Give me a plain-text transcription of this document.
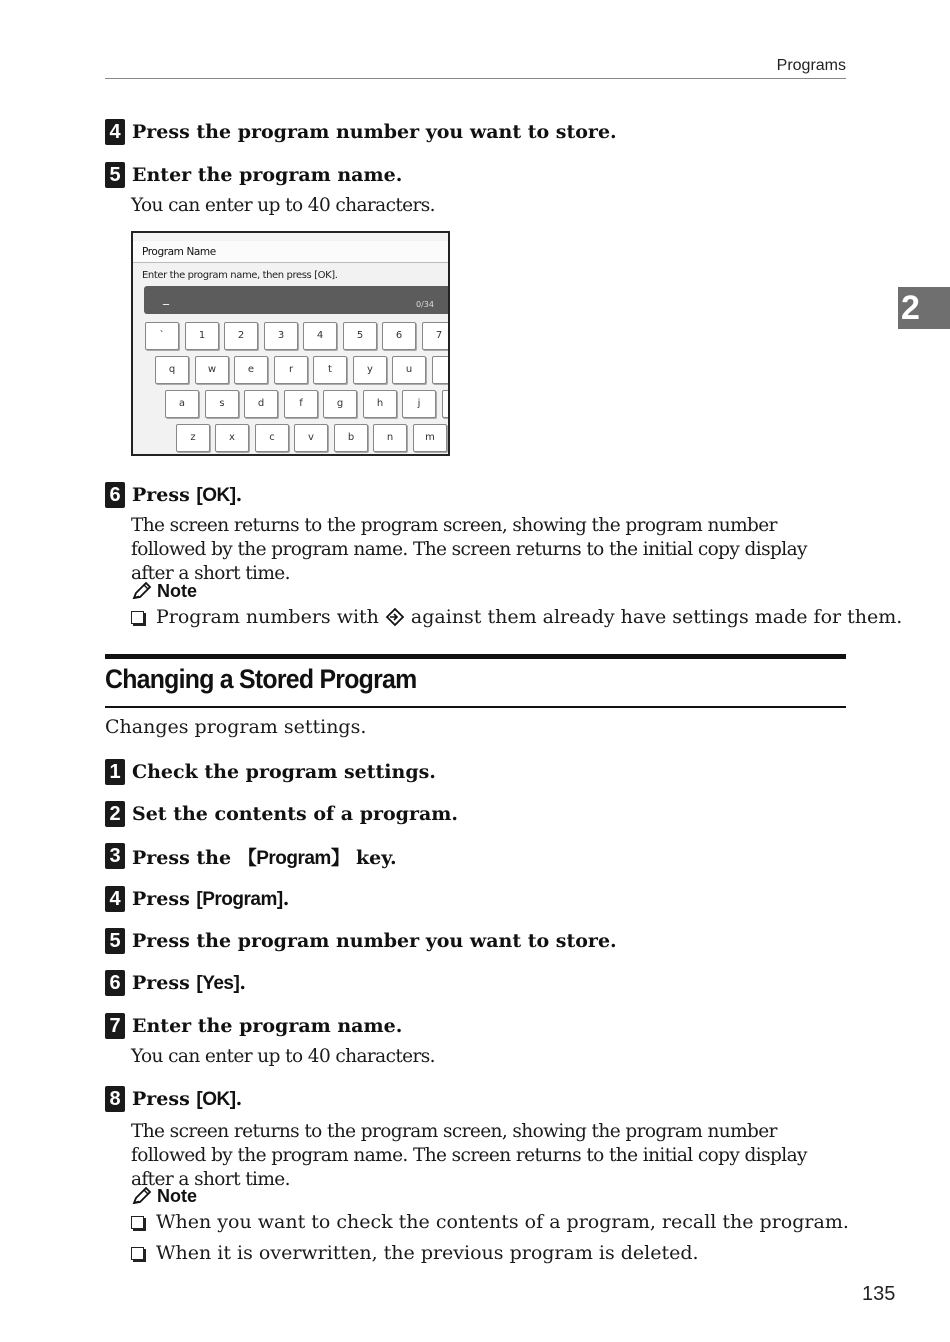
Programs
2
4 Press the program number you want to store.
5 Enter the program name.
You can enter up to 40 characters.
Program Name
Enter the program name, then press [OK].
_	0/34
`	1	2	3	4	5	6	7
q	w	e	r	t	y	u
a	s	d	f	g	h	j
z	x	c	v	b	n	m
6 Press [OK].
The screen returns to the program screen, showing the program number followed by the program name. The screen returns to the initial copy display after a short time.
Note
Program numbers with against them already have settings made for them.
Changing a Stored Program
Changes program settings.
1 Check the program settings.
2 Set the contents of a program.
3 Press the 【Program】 key.
4 Press [Program].
5 Press the program number you want to store.
6 Press [Yes].
7 Enter the program name.
You can enter up to 40 characters.
8 Press [OK].
The screen returns to the program screen, showing the program number followed by the program name. The screen returns to the initial copy display after a short time.
Note
When you want to check the contents of a program, recall the program.
When it is overwritten, the previous program is deleted.
135
